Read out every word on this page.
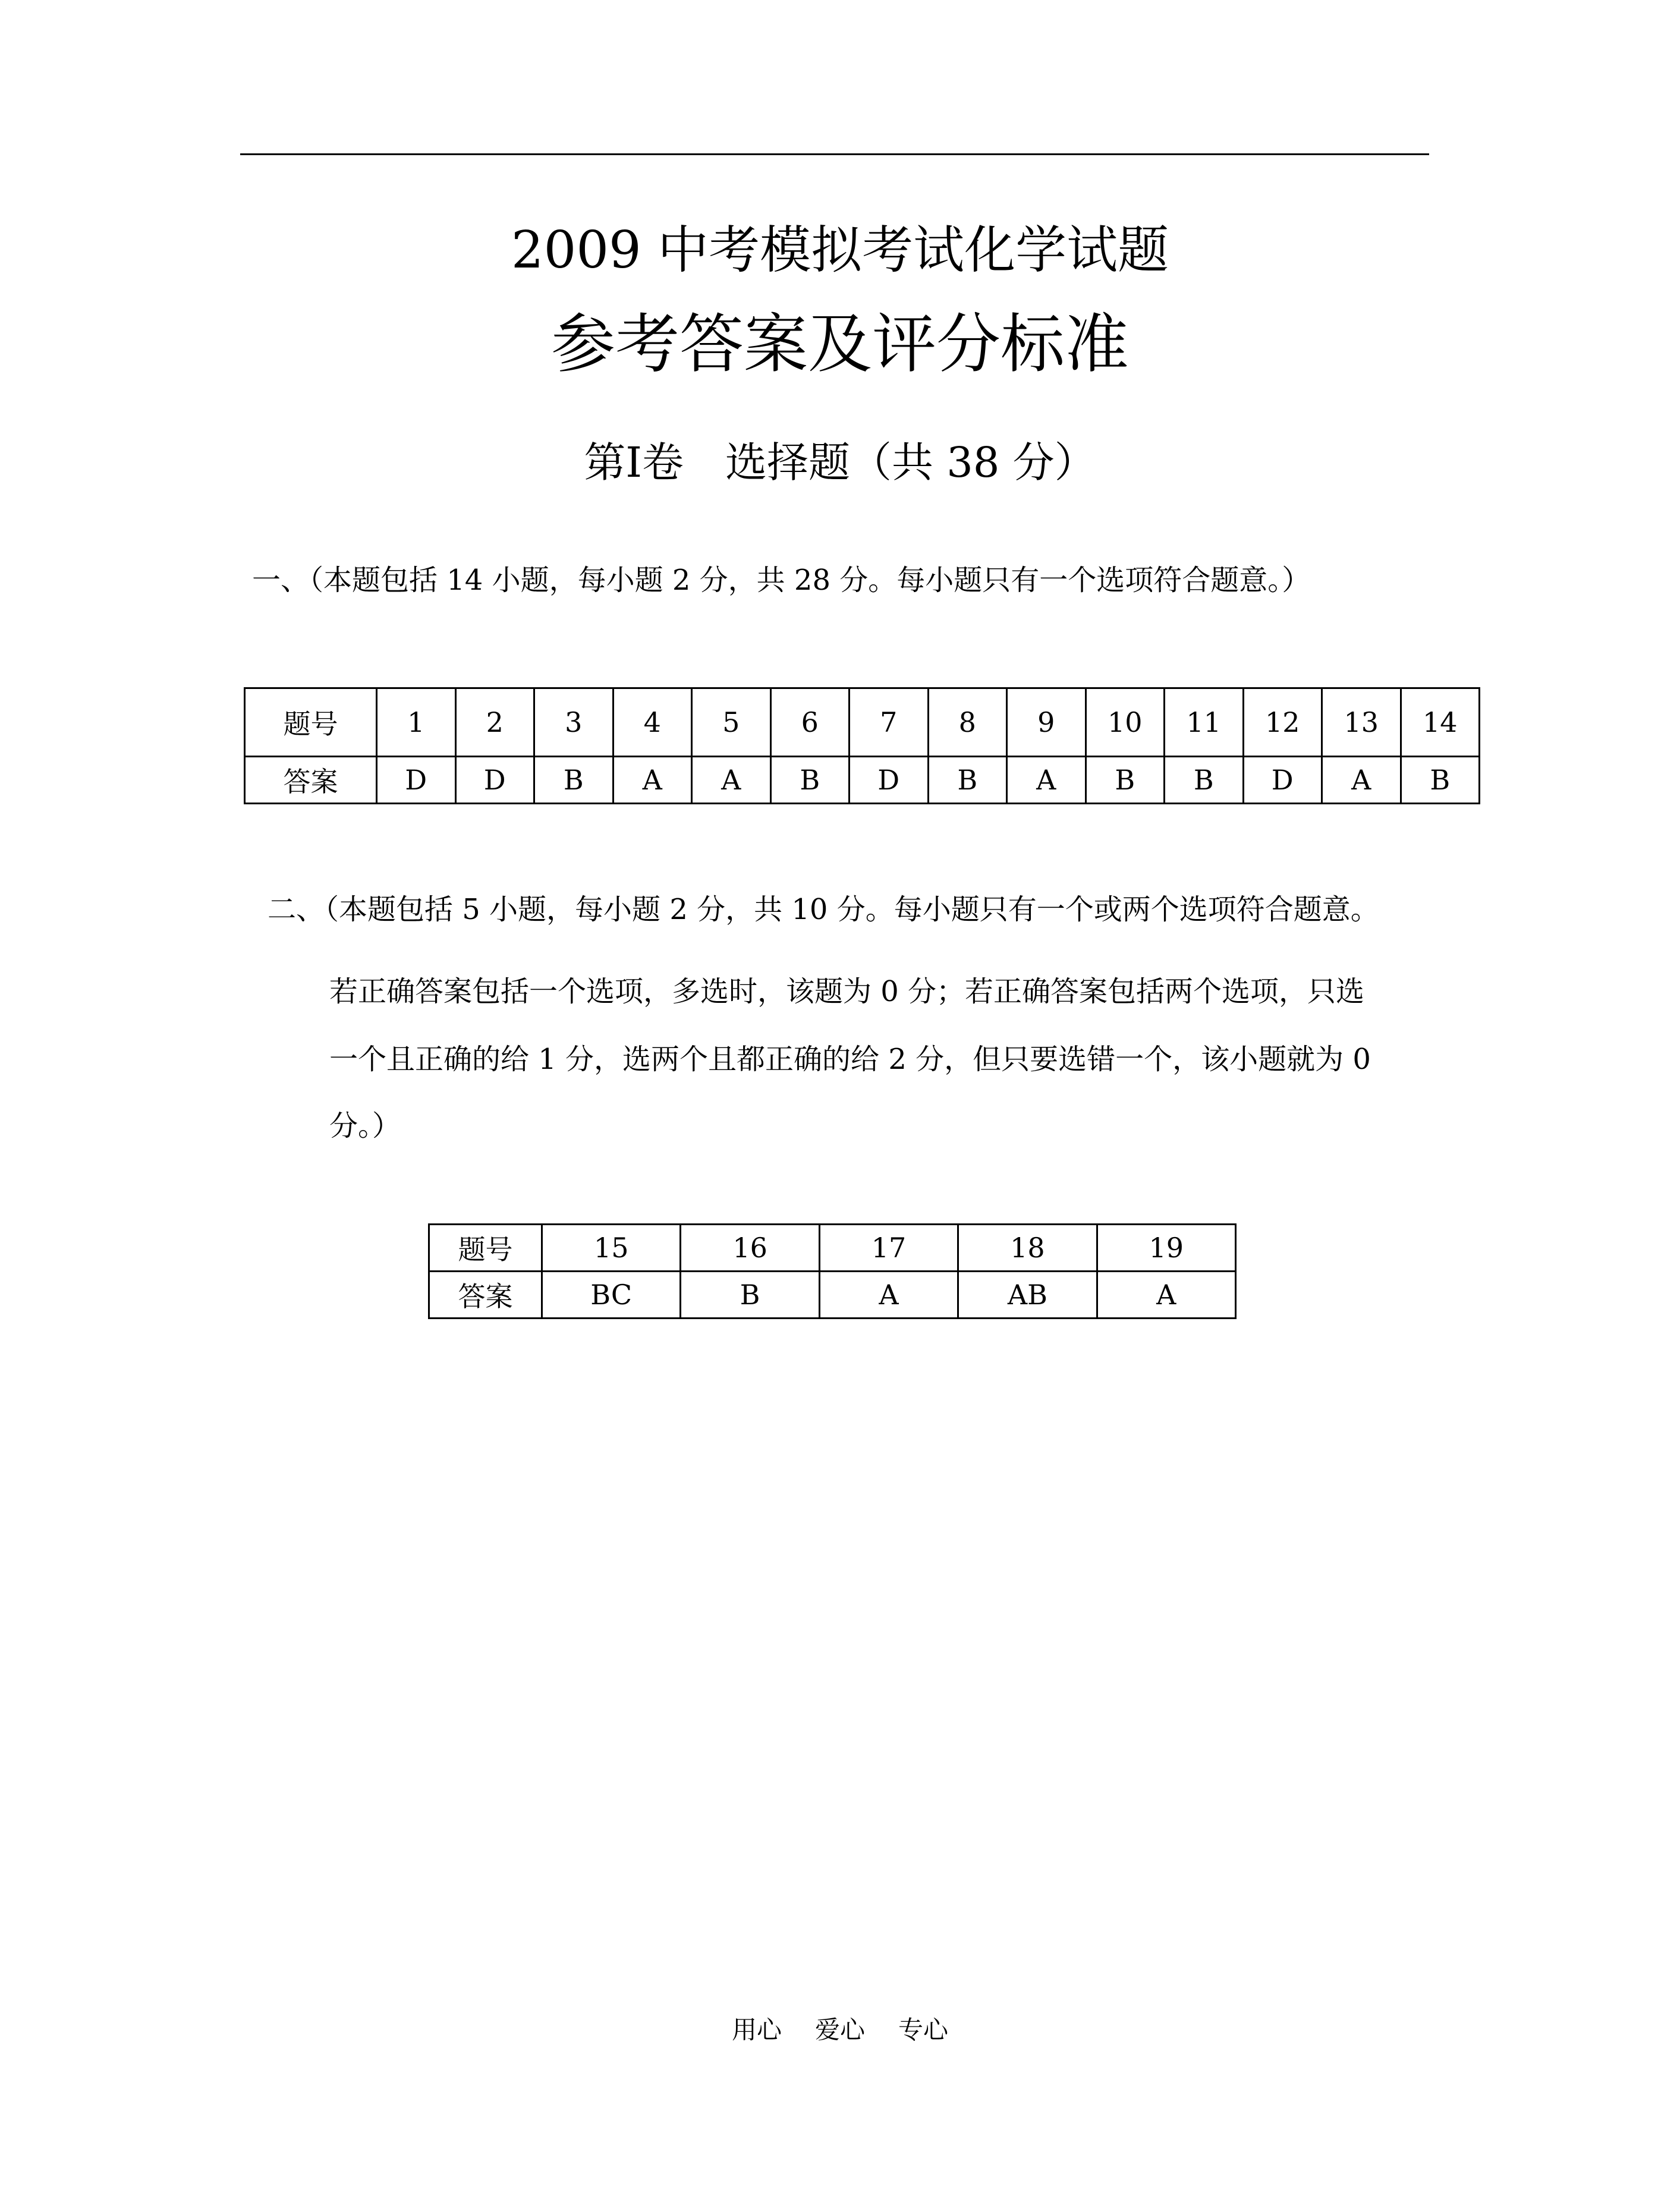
2009 中考模拟考试化学试题
参考答案及评分标准
第Ⅰ卷 选择题（共 38 分）
一、（本题包括 14 小题，每小题 2 分，共 28 分。每小题只有一个选项符合题意。）
题号	1	2	3	4	5	6	7	8	9	10	11	12	13	14
答案	D	D	B	A	A	B	D	B	A	B	B	D	A	B
二、（本题包括 5 小题，每小题 2 分，共 10 分。每小题只有一个或两个选项符合题意。
若正确答案包括一个选项，多选时，该题为 0 分；若正确答案包括两个选项，只选
一个且正确的给 1 分，选两个且都正确的给 2 分，但只要选错一个，该小题就为 0
分。）
题号	15	16	17	18	19
答案	BC	B	A	AB	A
用心 爱心 专心
